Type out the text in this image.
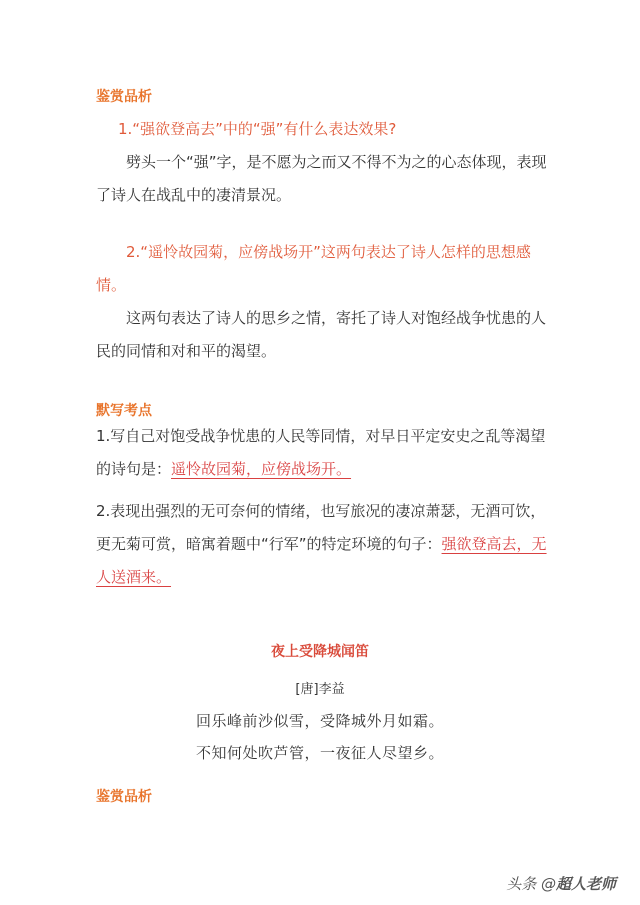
鉴赏品析

1.“强欲登高去”中的“强”有什么表达效果?

劈头一个“强”字，是不愿为之而又不得不为之的心态体现，表现了诗人在战乱中的凄清景况。

2.“遥怜故园菊，应傍战场开”这两句表达了诗人怎样的思想感情。

这两句表达了诗人的思乡之情，寄托了诗人对饱经战争忧患的人民的同情和对和平的渴望。

默写考点

1.写自己对饱受战争忧患的人民等同情，对早日平定安史之乱等渴望的诗句是：遥怜故园菊，应傍战场开。

2.表现出强烈的无可奈何的情绪，也写旅况的凄凉萧瑟，无酒可饮，更无菊可赏，暗寓着题中“行军”的特定环境的句子：强欲登高去，无人送酒来。

夜上受降城闻笛

[唐]李益

回乐峰前沙似雪，受降城外月如霜。

不知何处吹芦管，一夜征人尽望乡。

鉴赏品析

头条 @超人老师
